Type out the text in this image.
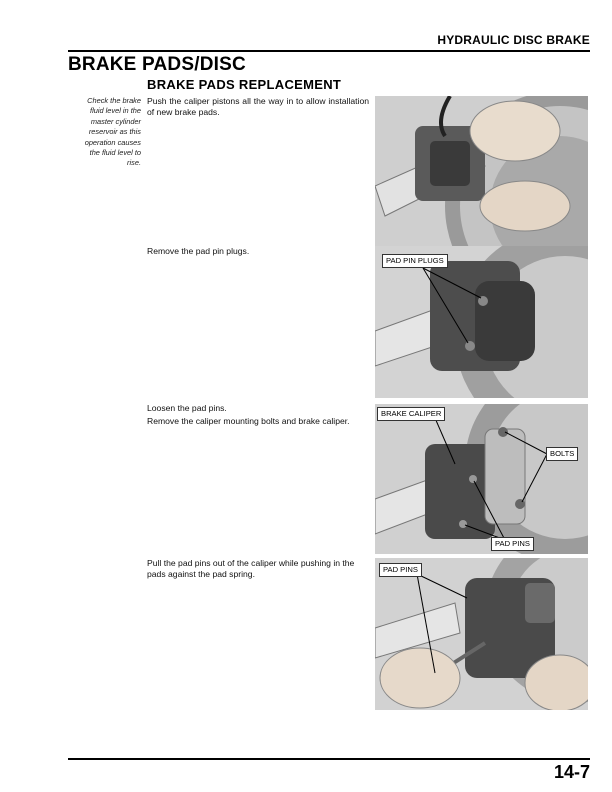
HYDRAULIC DISC BRAKE
BRAKE PADS/DISC
BRAKE PADS REPLACEMENT
Check the brake fluid level in the master cylinder reservoir as this operation causes the fluid level to rise.
Push the caliper pistons all the way in to allow installation of new brake pads.
Remove the pad pin plugs.
Loosen the pad pins.
Remove the caliper mounting bolts and brake caliper.
Pull the pad pins out of the caliper while pushing in the pads against the pad spring.
PAD PIN PLUGS
BRAKE CALIPER
BOLTS
PAD PINS
PAD PINS
14-7
